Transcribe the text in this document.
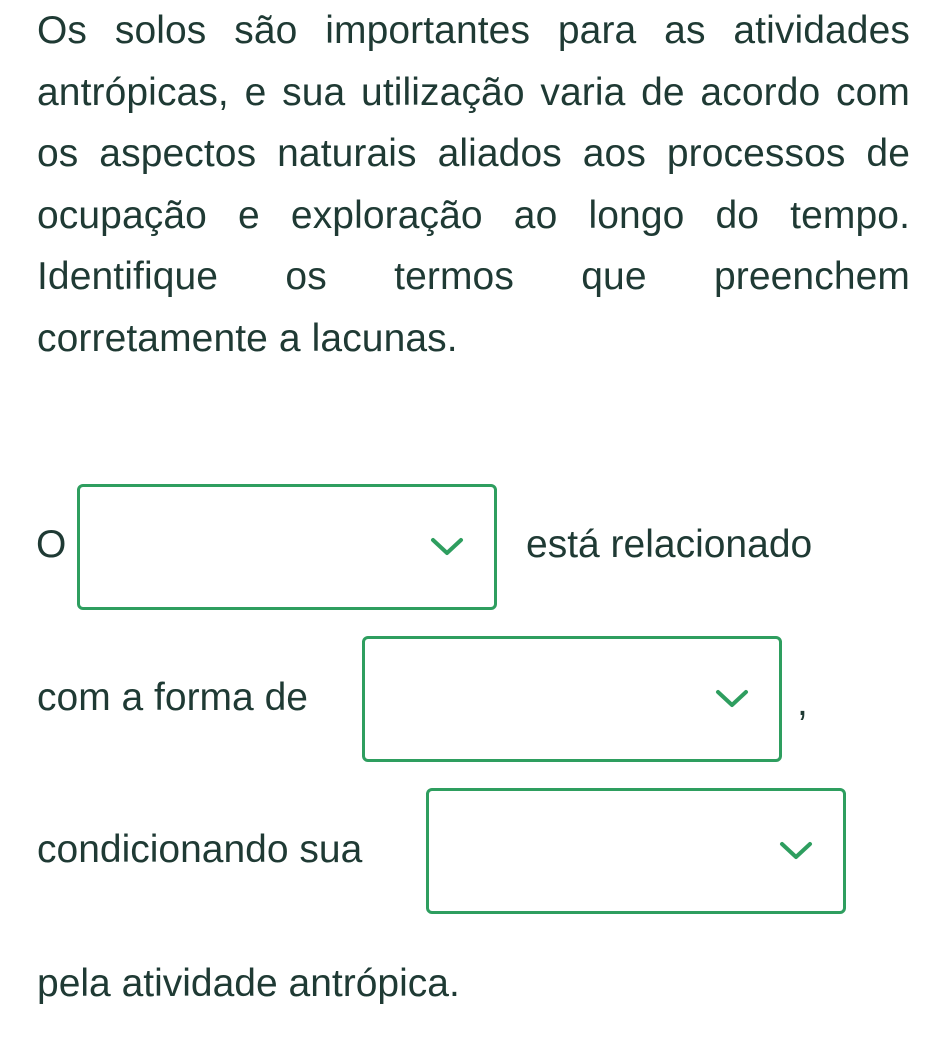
Os solos são importantes para as atividades antrópicas, e sua utilização varia de acordo com os aspectos naturais aliados aos processos de ocupação e exploração ao longo do tempo. Identifique os termos que preenchem corretamente a lacunas.

O	está relacionado
com a forma de	,
condicionando sua
pela atividade antrópica.
